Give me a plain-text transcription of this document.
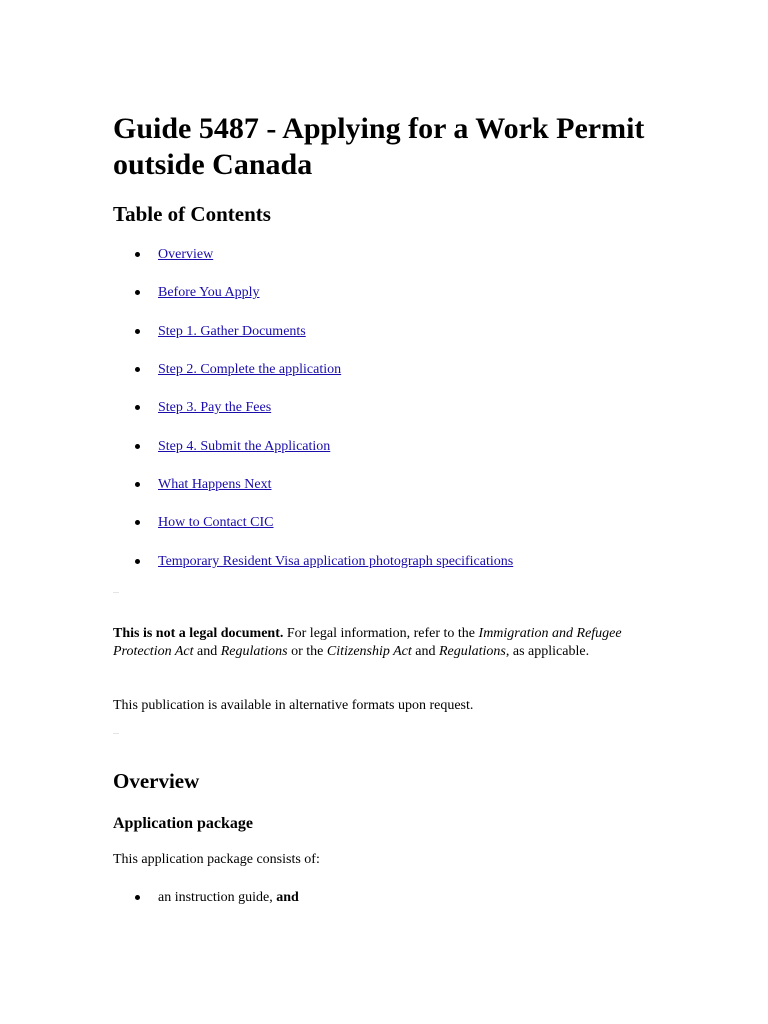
Guide 5487 - Applying for a Work Permit outside Canada
Table of Contents
Overview
Before You Apply
Step 1. Gather Documents
Step 2. Complete the application
Step 3. Pay the Fees
Step 4. Submit the Application
What Happens Next
How to Contact CIC
Temporary Resident Visa application photograph specifications

This is not a legal document. For legal information, refer to the Immigration and Refugee Protection Act and Regulations or the Citizenship Act and Regulations, as applicable.

This publication is available in alternative formats upon request.

Overview
Application package

This application package consists of:

an instruction guide, and
